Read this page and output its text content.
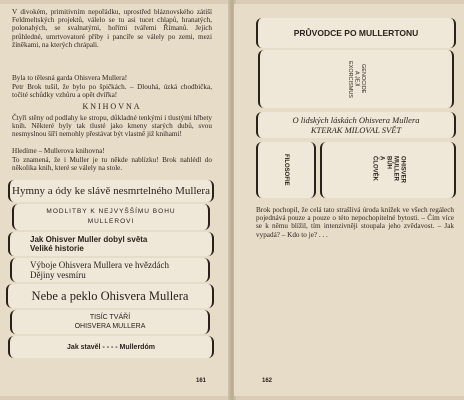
V divokém, primitivním nepořádku, uprostřed bláznovského zátiší Feldmeltských projektů, válelo se tu asi tucet chlapů, hranatých, polonahých, se svalnatými, hořími tvářemi Římanů. Jejich průhledné, umrtvovatoré příby i pancíře se válely po zemi, mezi žíněkami, na kterých chrápali.
Byla to tělesná garda Ohisvera Mullera!
Petr Brok tušil, že bylo po špičkách. – Dlouhá, úzká chodbička, točité schůdky vzhůru a opět dvířka!
KNIHOVNA
Čtyři stěny od podlahy ke stropu, důkladné tenkými i tlustými hřbety knih. Některé byly tak tlusté jako kmeny starých dubů, svou nesmyslnou šíří nemohly přestávat být vlastně již knihami!
Hledíme – Mullerova knihovna!
To znamená, že i Muller je tu někde nablízku! Brok nahlédl do několika knih, které se válely na stole.
Hymny a ódy ke slávě nesmrtelného Mullera
MODLITBY K NEJVYŠŠÍMU BOHU
MULLEROVI
Jak Ohisver Muller dobyl světa
Veliké historie
Výboje Ohisvera Mullera ve hvězdách
Dějiny vesmíru
Nebe a peklo Ohisvera Mullera
TISÍC TVÁŘÍ
OHISVERA MULLERA
Jak stavěl - - - - Mullerdóm
161
PRŮVODCE PO MULLERTONU
GENOCIDE
A JEJÍ
EXORCISMUS
O lidských láskách Ohisvera Mullera
KTERAK MILOVAL SVĚT
FILOSOFIE	OHISVER
MULLER
BŮH
A
ČLOVĚK
Brok pochopil, že celá tato strašlivá úroda knížek ve všech regálech pojednává pouze a pouze o této nepochopitelné bytosti. – Čím více se k němu blížil, tím intenzivněji stoupala jeho zvědavost. – Jak vypadá? – Kdo to je? . . .
162
